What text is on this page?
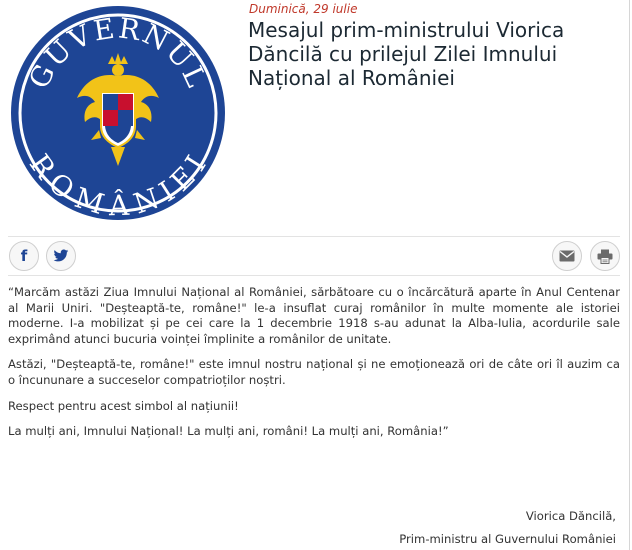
GUVERNUL
ROMÂNIEI
Duminică, 29 iulie
Mesajul prim-ministrului Viorica Dăncilă cu prilejul Zilei Imnului Național al României
f

“Marcăm astăzi Ziua Imnului Național al României, sărbătoare cu o încărcătură aparte în Anul Centenar al Marii Uniri. "Deșteaptă-te, române!" le-a insuflat curaj românilor în multe momente ale istoriei moderne. I-a mobilizat și pe cei care la 1 decembrie 1918 s-au adunat la Alba-Iulia, acordurile sale exprimând atunci bucuria voinței împlinite a românilor de unitate.

Astăzi, "Deșteaptă-te, române!" este imnul nostru național și ne emoționează ori de câte ori îl auzim ca o încununare a succeselor compatrioților noștri.

Respect pentru acest simbol al națiunii!

La mulți ani, Imnului Național! La mulți ani, români! La mulți ani, România!”

Viorica Dăncilă,
Prim-ministru al Guvernului României
